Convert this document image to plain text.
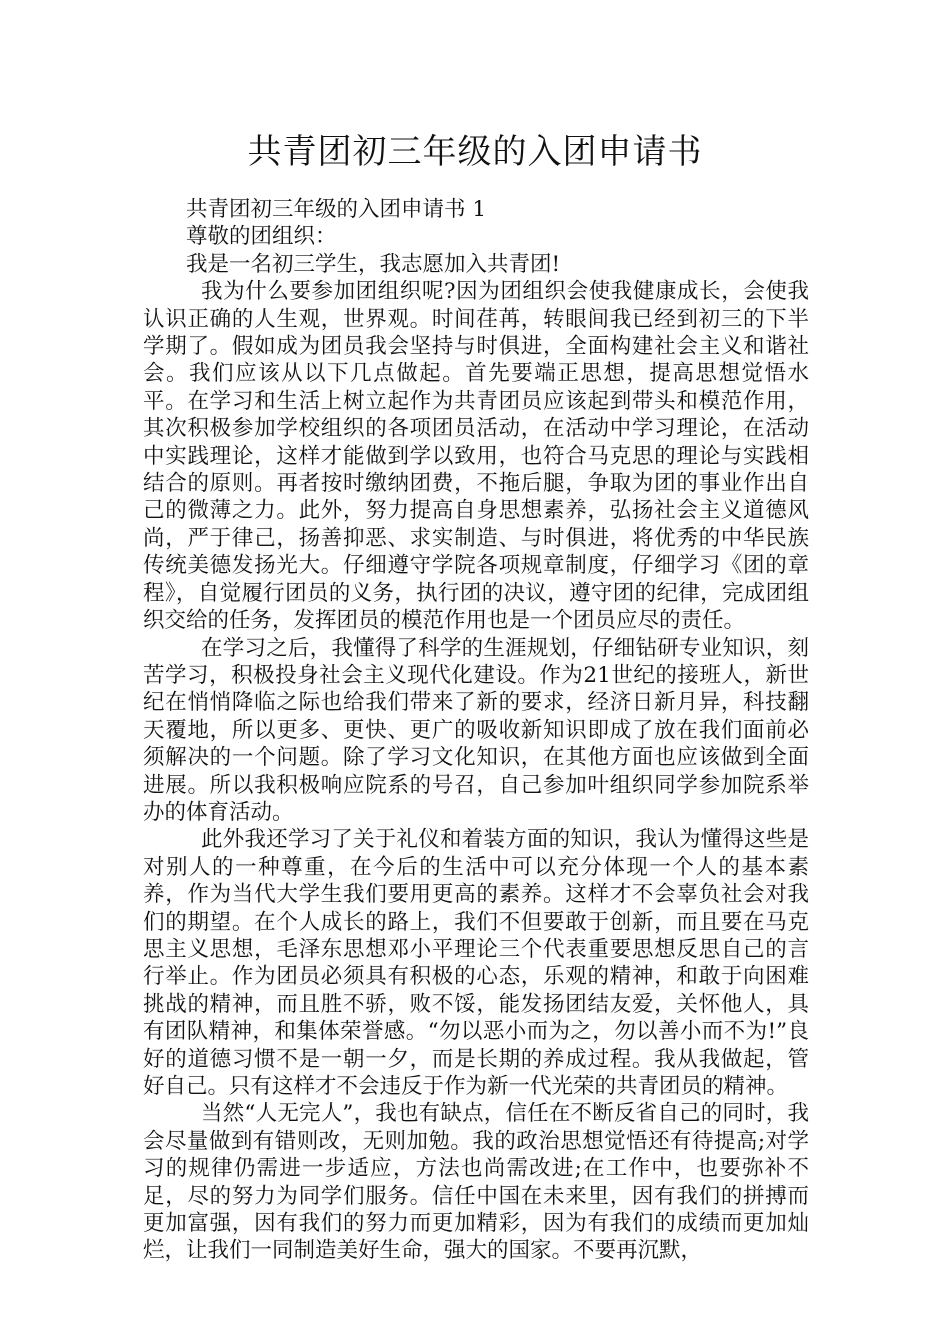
共青团初三年级的入团申请书

共青团初三年级的入团申请书 1

尊敬的团组织：

我是一名初三学生，我志愿加入共青团!

我为什么要参加团组织呢?因为团组织会使我健康成长，会使我认识正确的人生观，世界观。时间荏苒，转眼间我已经到初三的下半学期了。假如成为团员我会坚持与时俱进，全面构建社会主义和谐社会。我们应该从以下几点做起。首先要端正思想，提高思想觉悟水平。在学习和生活上树立起作为共青团员应该起到带头和模范作用，其次积极参加学校组织的各项团员活动，在活动中学习理论，在活动中实践理论，这样才能做到学以致用，也符合马克思的理论与实践相结合的原则。再者按时缴纳团费，不拖后腿，争取为团的事业作出自己的微薄之力。此外，努力提高自身思想素养，弘扬社会主义道德风尚，严于律己，扬善抑恶、求实制造、与时俱进，将优秀的中华民族传统美德发扬光大。仔细遵守学院各项规章制度，仔细学习《团的章程》，自觉履行团员的义务，执行团的决议，遵守团的纪律，完成团组织交给的任务，发挥团员的模范作用也是一个团员应尽的责任。

在学习之后，我懂得了科学的生涯规划，仔细钻研专业知识，刻苦学习，积极投身社会主义现代化建设。作为21世纪的接班人，新世纪在悄悄降临之际也给我们带来了新的要求，经济日新月异，科技翻天覆地，所以更多、更快、更广的吸收新知识即成了放在我们面前必须解决的一个问题。除了学习文化知识，在其他方面也应该做到全面进展。所以我积极响应院系的号召，自己参加叶组织同学参加院系举办的体育活动。

此外我还学习了关于礼仪和着装方面的知识，我认为懂得这些是对别人的一种尊重，在今后的生活中可以充分体现一个人的基本素养，作为当代大学生我们要用更高的素养。这样才不会辜负社会对我们的期望。在个人成长的路上，我们不但要敢于创新，而且要在马克思主义思想，毛泽东思想邓小平理论三个代表重要思想反思自己的言行举止。作为团员必须具有积极的心态，乐观的精神，和敢于向困难挑战的精神，而且胜不骄，败不馁，能发扬团结友爱，关怀他人，具有团队精神，和集体荣誉感。“勿以恶小而为之，勿以善小而不为!”良好的道德习惯不是一朝一夕，而是长期的养成过程。我从我做起，管好自己。只有这样才不会违反于作为新一代光荣的共青团员的精神。

当然“人无完人”，我也有缺点，信任在不断反省自己的同时，我会尽量做到有错则改，无则加勉。我的政治思想觉悟还有待提高;对学习的规律仍需进一步适应，方法也尚需改进;在工作中，也要弥补不足，尽的努力为同学们服务。信任中国在未来里，因有我们的拼搏而更加富强，因有我们的努力而更加精彩，因为有我们的成绩而更加灿烂，让我们一同制造美好生命，强大的国家。不要再沉默，
